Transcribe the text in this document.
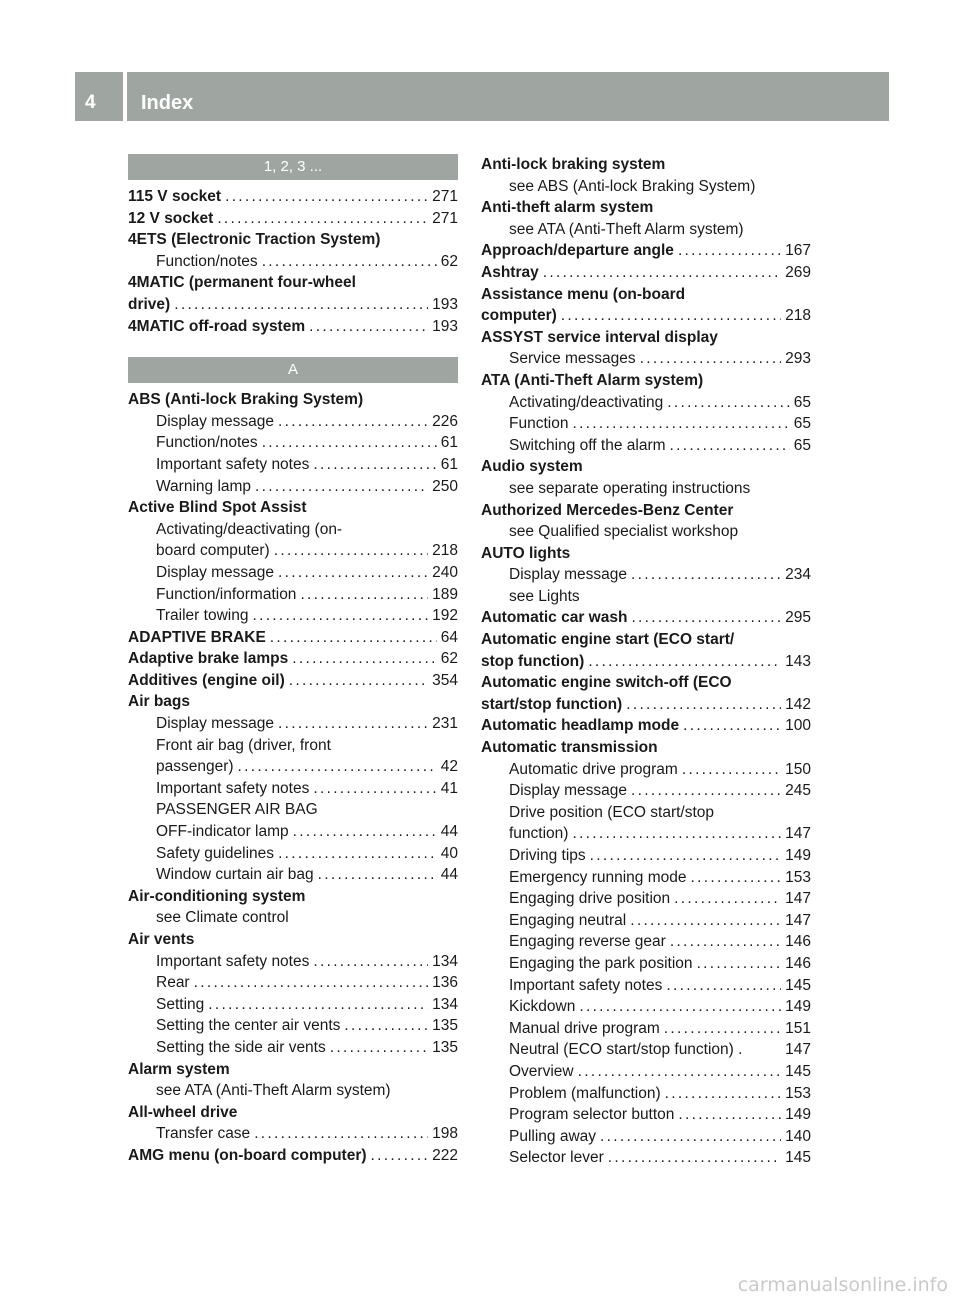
4 Index
1, 2, 3 ...
115 V socket . . .	271
12 V socket . . .	271
4ETS (Electronic Traction System)
Function/notes . . .	62
4MATIC (permanent four-wheel
drive) . . .	193
4MATIC off-road system . . .	193
A
ABS (Anti-lock Braking System)
Display message . . .	226
Function/notes . . .	61
Important safety notes . . .	61
Warning lamp . . .	250
Active Blind Spot Assist
Activating/deactivating (on-
board computer) . . .	218
Display message . . .	240
Function/information . . .	189
Trailer towing . . .	192
ADAPTIVE BRAKE . . .	64
Adaptive brake lamps . . .	62
Additives (engine oil) . . .	354
Air bags
Display message . . .	231
Front air bag (driver, front
passenger) . . .	42
Important safety notes . . .	41
PASSENGER AIR BAG
OFF-indicator lamp . . .	44
Safety guidelines . . .	40
Window curtain air bag . . .	44
Air-conditioning system
see Climate control
Air vents
Important safety notes . . .	134
Rear . . .	136
Setting . . .	134
Setting the center air vents . . .	135
Setting the side air vents . . .	135
Alarm system
see ATA (Anti-Theft Alarm system)
All-wheel drive
Transfer case . . .	198
AMG menu (on-board computer) . . .	222
Anti-lock braking system
see ABS (Anti-lock Braking System)
Anti-theft alarm system
see ATA (Anti-Theft Alarm system)
Approach/departure angle . . .	167
Ashtray . . .	269
Assistance menu (on-board
computer) . . .	218
ASSYST service interval display
Service messages . . .	293
ATA (Anti-Theft Alarm system)
Activating/deactivating . . .	65
Function . . .	65
Switching off the alarm . . .	65
Audio system
see separate operating instructions
Authorized Mercedes-Benz Center
see Qualified specialist workshop
AUTO lights
Display message . . .	234
see Lights
Automatic car wash . . .	295
Automatic engine start (ECO start/
stop function) . . .	143
Automatic engine switch-off (ECO
start/stop function) . . .	142
Automatic headlamp mode . . .	100
Automatic transmission
Automatic drive program . . .	150
Display message . . .	245
Drive position (ECO start/stop
function) . . .	147
Driving tips . . .	149
Emergency running mode . . .	153
Engaging drive position . . .	147
Engaging neutral . . .	147
Engaging reverse gear . . .	146
Engaging the park position . . .	146
Important safety notes . . .	145
Kickdown . . .	149
Manual drive program . . .	151
Neutral (ECO start/stop function) .	147
Overview . . .	145
Problem (malfunction) . . .	153
Program selector button . . .	149
Pulling away . . .	140
Selector lever . . .	145
carmanualsonline.info
